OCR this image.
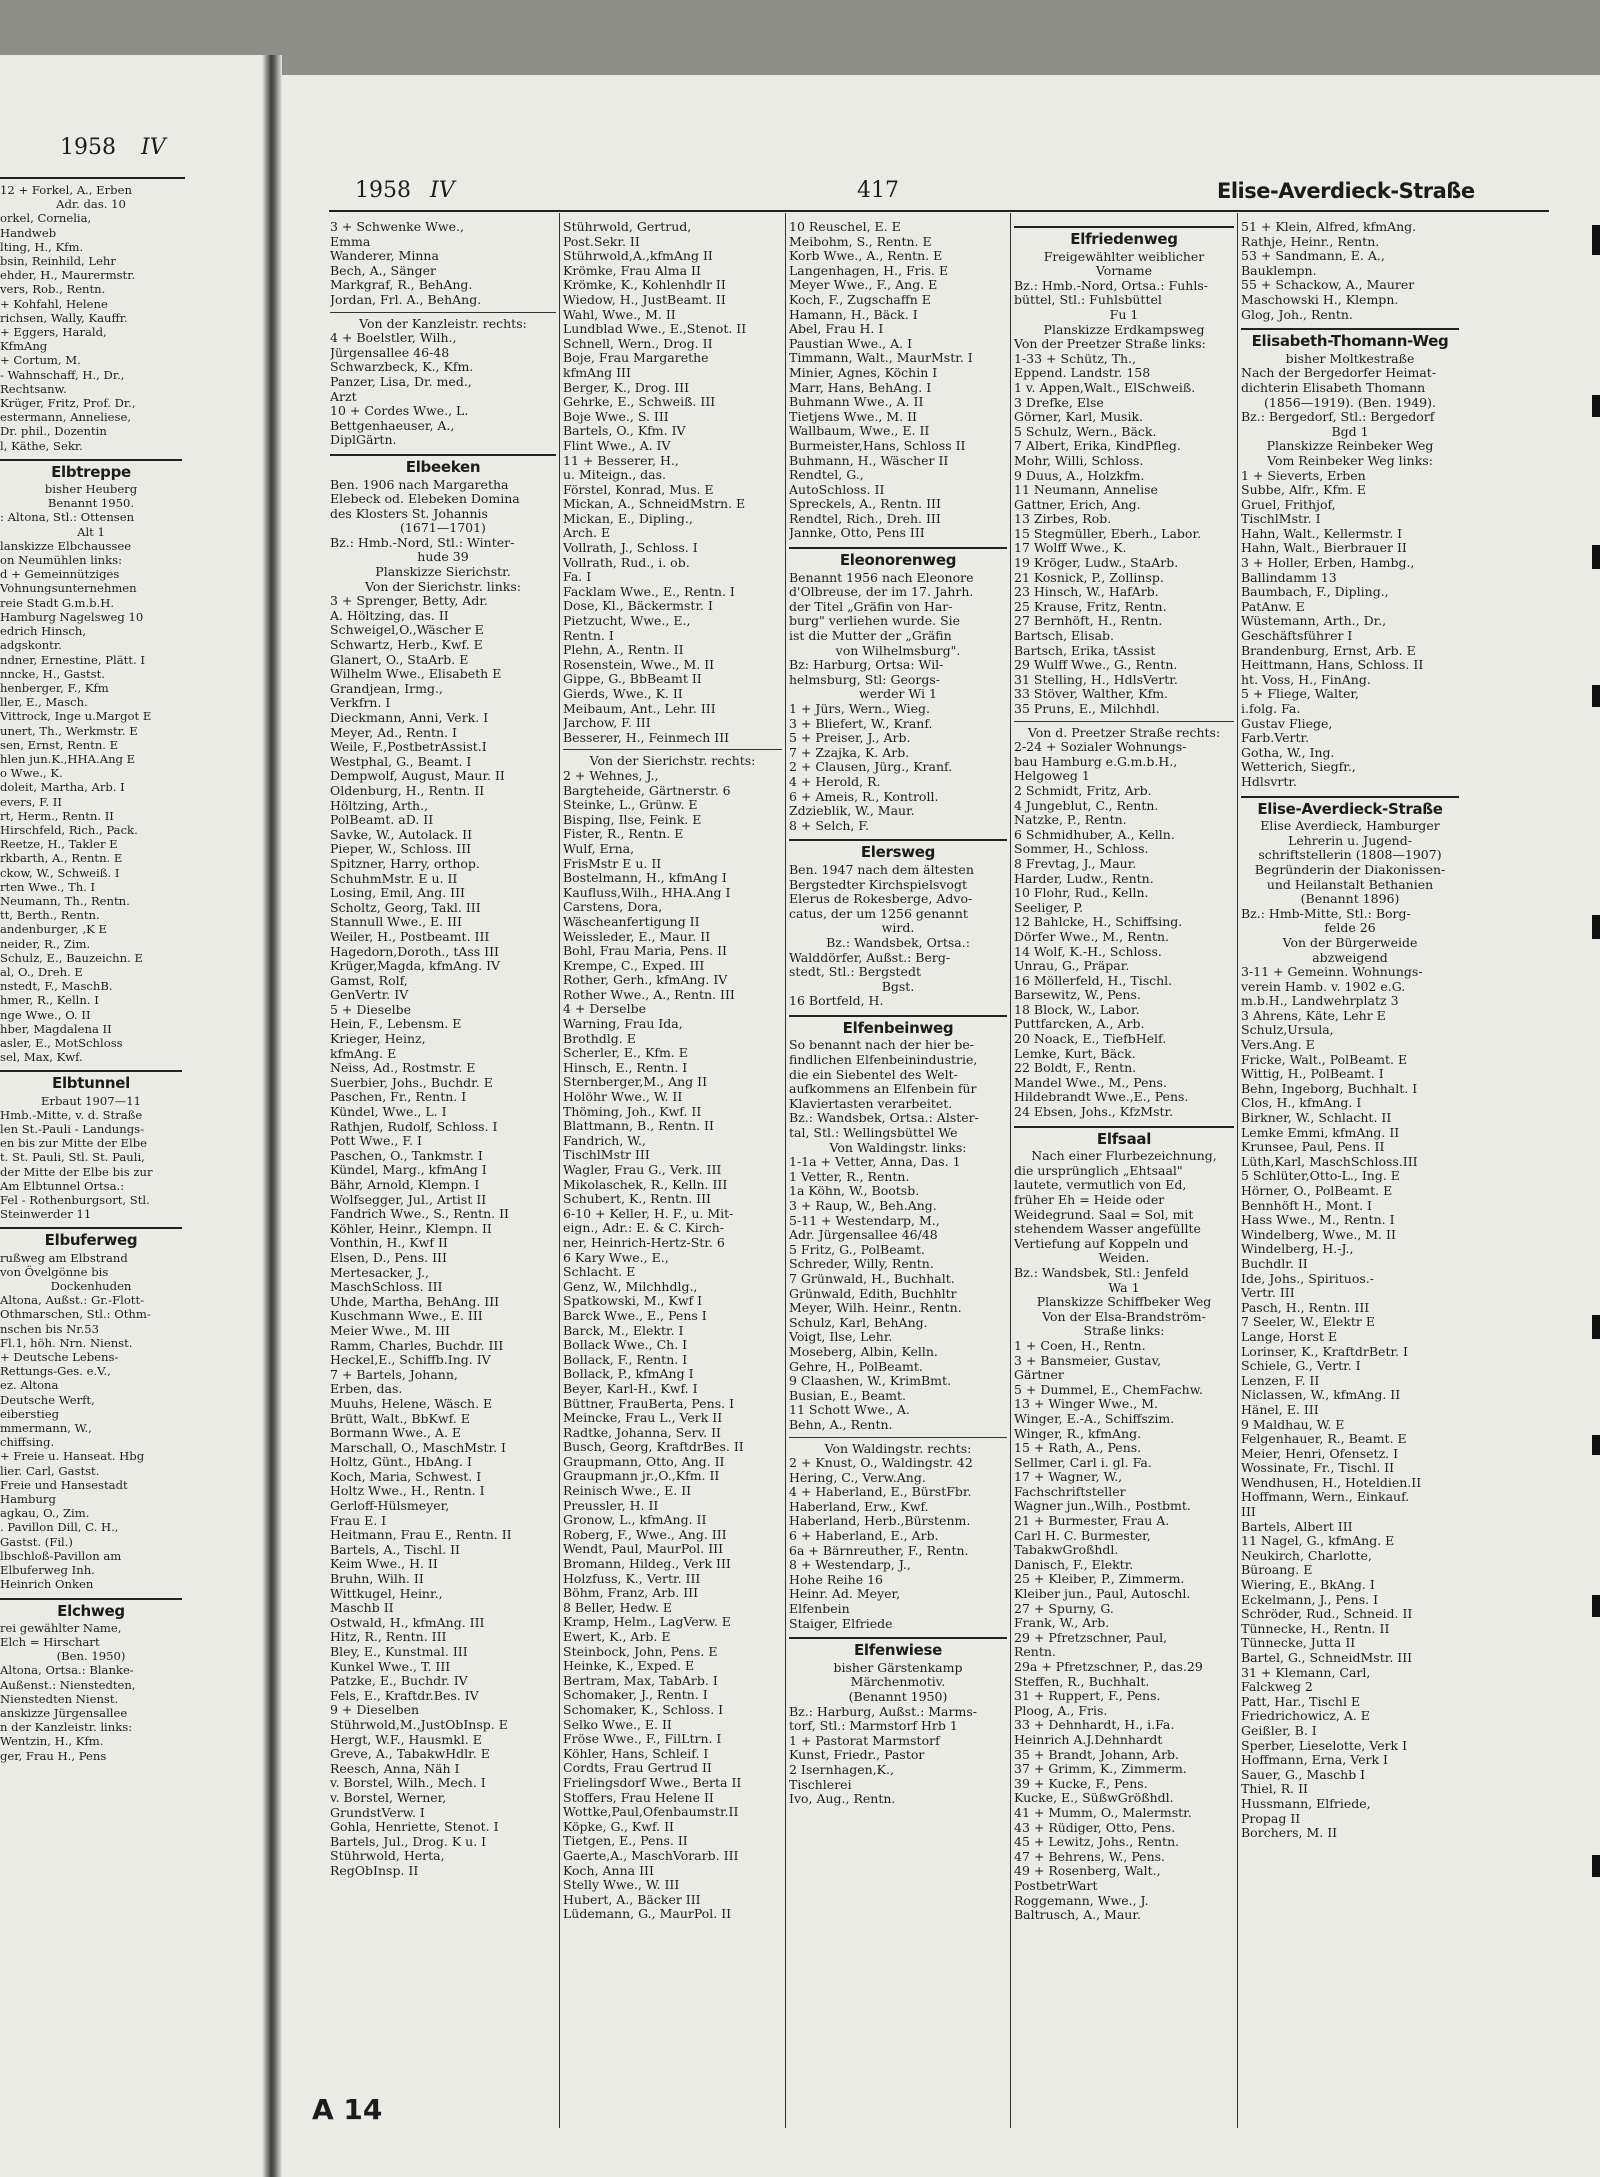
1958 IV
12 + Forkel, A., Erben
Adr. das. 10
orkel, Cornelia,
Handweb
lting, H., Kfm.
bsin, Reinhild, Lehr
ehder, H., Maurermstr.
vers, Rob., Rentn.
+ Kohfahl, Helene
richsen, Wally, Kauffr.
+ Eggers, Harald,
KfmAng
+ Cortum, M.
- Wahnschaff, H., Dr.,
Rechtsanw.
Krüger, Fritz, Prof. Dr.,
estermann, Anneliese,
Dr. phil., Dozentin
l, Käthe, Sekr.
Elbtreppe
bisher Heuberg
Benannt 1950.
: Altona, Stl.: Ottensen
Alt 1
lanskizze Elbchaussee
on Neumühlen links:
d + Gemeinnütziges
Vohnungsunternehmen
reie Stadt G.m.b.H.
Hamburg Nagelsweg 10
edrich Hinsch,
adgskontr.
ndner, Ernestine, Plätt. I
nncke, H., Gastst.
henberger, F., Kfm
ller, E., Masch.
Vittrock, Inge u.Margot E
unert, Th., Werkmstr. E
sen, Ernst, Rentn. E
hlen jun.K.,HHA.Ang E
o Wwe., K.
doleit, Martha, Arb. I
evers, F. II
rt, Herm., Rentn. II
Hirschfeld, Rich., Pack.
Reetze, H., Takler E
rkbarth, A., Rentn. E
ckow, W., Schweiß. I
rten Wwe., Th. I
Neumann, Th., Rentn.
tt, Berth., Rentn.
andenburger, ,K E
neider, R., Zim.
Schulz, E., Bauzeichn. E
al, O., Dreh. E
nstedt, F., MaschB.
hmer, R., Kelln. I
nge Wwe., O. II
hber, Magdalena II
asler, E., MotSchloss
sel, Max, Kwf.
Elbtunnel
Erbaut 1907—11
Hmb.-Mitte, v. d. Straße
len St.-Pauli - Landungs-
en bis zur Mitte der Elbe
t. St. Pauli, Stl. St. Pauli,
der Mitte der Elbe bis zur
Am Elbtunnel Ortsa.:
Fel - Rothenburgsort, Stl.
Steinwerder 11
Elbuferweg
rußweg am Elbstrand
von Övelgönne bis
Dockenhuden
Altona, Außst.: Gr.-Flott-
Othmarschen, Stl.: Othm-
nschen bis Nr.53
Fl.1, höh. Nrn. Nienst.
+ Deutsche Lebens-
Rettungs-Ges. e.V.,
ez. Altona
Deutsche Werft,
eiberstieg
mmermann, W.,
chiffsing.
+ Freie u. Hanseat. Hbg
lier. Carl, Gastst.
Freie und Hansestadt
Hamburg
agkau, O., Zim.
. Pavillon Dill, C. H.,
Gastst. (Fil.)
lbschloß-Pavillon am
Elbuferweg Inh.
Heinrich Onken
Elchweg
rei gewählter Name,
Elch = Hirschart
(Ben. 1950)
Altona, Ortsa.: Blanke-
Außenst.: Nienstedten,
Nienstedten Nienst.
anskizze Jürgensallee
n der Kanzleistr. links:
Wentzin, H., Kfm.
ger, Frau H., Pens
1958 IV	417	Elise-Averdieck-Straße
3 + Schwenke Wwe.,
Emma
Wanderer, Minna
Bech, A., Sänger
Markgraf, R., BehAng.
Jordan, Frl. A., BehAng.
Von der Kanzleistr. rechts:
4 + Boelstler, Wilh.,
Jürgensallee 46-48
Schwarzbeck, K., Kfm.
Panzer, Lisa, Dr. med.,
Arzt
10 + Cordes Wwe., L.
Bettgenhaeuser, A.,
DiplGärtn.
Elbeeken
Ben. 1906 nach Margaretha
Elebeck od. Elebeken Domina
des Klosters St. Johannis
(1671—1701)
Bz.: Hmb.-Nord, Stl.: Winter-
hude 39
Planskizze Sierichstr.
Von der Sierichstr. links:
3 + Sprenger, Betty, Adr.
A. Höltzing, das. II
Schweigel,O.,Wäscher E
Schwartz, Herb., Kwf. E
Glanert, O., StaArb. E
Wilhelm Wwe., Elisabeth E
Grandjean, Irmg.,
Verkfrn. I
Dieckmann, Anni, Verk. I
Meyer, Ad., Rentn. I
Weile, F.,PostbetrAssist.I
Westphal, G., Beamt. I
Dempwolf, August, Maur. II
Oldenburg, H., Rentn. II
Höltzing, Arth.,
PolBeamt. aD. II
Savke, W., Autolack. II
Pieper, W., Schloss. III
Spitzner, Harry, orthop.
SchuhmMstr. E u. II
Losing, Emil, Ang. III
Scholtz, Georg, Takl. III
Stannull Wwe., E. III
Weiler, H., Postbeamt. III
Hagedorn,Doroth., tAss III
Krüger,Magda, kfmAng. IV
Gamst, Rolf,
GenVertr. IV
5 + Dieselbe
Hein, F., Lebensm. E
Krieger, Heinz,
kfmAng. E
Neiss, Ad., Rostmstr. E
Suerbier, Johs., Buchdr. E
Paschen, Fr., Rentn. I
Kündel, Wwe., L. I
Rathjen, Rudolf, Schloss. I
Pott Wwe., F. I
Paschen, O., Tankmstr. I
Kündel, Marg., kfmAng I
Bähr, Arnold, Klempn. I
Wolfsegger, Jul., Artist II
Fandrich Wwe., S., Rentn. II
Köhler, Heinr., Klempn. II
Vonthin, H., Kwf II
Elsen, D., Pens. III
Mertesacker, J.,
MaschSchloss. III
Uhde, Martha, BehAng. III
Kuschmann Wwe., E. III
Meier Wwe., M. III
Ramm, Charles, Buchdr. III
Heckel,E., Schiffb.Ing. IV
7 + Bartels, Johann,
Erben, das.
Muuhs, Helene, Wäsch. E
Brütt, Walt., BbKwf. E
Bormann Wwe., A. E
Marschall, O., MaschMstr. I
Holtz, Günt., HbAng. I
Koch, Maria, Schwest. I
Holtz Wwe., H., Rentn. I
Gerloff-Hülsmeyer,
Frau E. I
Heitmann, Frau E., Rentn. II
Bartels, A., Tischl. II
Keim Wwe., H. II
Bruhn, Wilh. II
Wittkugel, Heinr.,
Maschb II
Ostwald, H., kfmAng. III
Hitz, R., Rentn. III
Bley, E., Kunstmal. III
Kunkel Wwe., T. III
Patzke, E., Buchdr. IV
Fels, E., Kraftdr.Bes. IV
9 + Dieselben
Stührwold,M.,JustObInsp. E
Hergt, W.F., Hausmkl. E
Greve, A., TabakwHdlr. E
Reesch, Anna, Näh I
v. Borstel, Wilh., Mech. I
v. Borstel, Werner,
GrundstVerw. I
Gohla, Henriette, Stenot. I
Bartels, Jul., Drog. K u. I
Stührwold, Herta,
RegObInsp. II
Stührwold, Gertrud,
Post.Sekr. II
Stührwold,A.,kfmAng II
Krömke, Frau Alma II
Krömke, K., Kohlenhdlr II
Wiedow, H., JustBeamt. II
Wahl, Wwe., M. II
Lundblad Wwe., E.,Stenot. II
Schnell, Wern., Drog. II
Boje, Frau Margarethe
kfmAng III
Berger, K., Drog. III
Gehrke, E., Schweiß. III
Boje Wwe., S. III
Bartels, O., Kfm. IV
Flint Wwe., A. IV
11 + Besserer, H.,
u. Miteign., das.
Förstel, Konrad, Mus. E
Mickan, A., SchneidMstrn. E
Mickan, E., Dipling.,
Arch. E
Vollrath, J., Schloss. I
Vollrath, Rud., i. ob.
Fa. I
Facklam Wwe., E., Rentn. I
Dose, Kl., Bäckermstr. I
Pietzucht, Wwe., E.,
Rentn. I
Plehn, A., Rentn. II
Rosenstein, Wwe., M. II
Gippe, G., BbBeamt II
Gierds, Wwe., K. II
Meibaum, Ant., Lehr. III
Jarchow, F. III
Besserer, H., Feinmech III
Von der Sierichstr. rechts:
2 + Wehnes, J.,
Bargteheide, Gärtnerstr. 6
Steinke, L., Grünw. E
Bisping, Ilse, Feink. E
Fister, R., Rentn. E
Wulf, Erna,
FrisMstr E u. II
Bostelmann, H., kfmAng I
Kaufluss,Wilh., HHA.Ang I
Carstens, Dora,
Wäscheanfertigung II
Weissleder, E., Maur. II
Bohl, Frau Maria, Pens. II
Krempe, C., Exped. III
Rother, Gerh., kfmAng. IV
Rother Wwe., A., Rentn. III
4 + Derselbe
Warning, Frau Ida,
Brothdlg. E
Scherler, E., Kfm. E
Hinsch, E., Rentn. I
Sternberger,M., Ang II
Holöhr Wwe., W. II
Thöming, Joh., Kwf. II
Blattmann, B., Rentn. II
Fandrich, W.,
TischlMstr III
Wagler, Frau G., Verk. III
Mikolaschek, R., Kelln. III
Schubert, K., Rentn. III
6-10 + Keller, H. F., u. Mit-
eign., Adr.: E. & C. Kirch-
ner, Heinrich-Hertz-Str. 6
6 Kary Wwe., E.,
Schlacht. E
Genz, W., Milchhdlg.,
Spatkowski, M., Kwf I
Barck Wwe., E., Pens I
Barck, M., Elektr. I
Bollack Wwe., Ch. I
Bollack, F., Rentn. I
Bollack, P., kfmAng I
Beyer, Karl-H., Kwf. I
Büttner, FrauBerta, Pens. I
Meincke, Frau L., Verk II
Radtke, Johanna, Serv. II
Busch, Georg, KraftdrBes. II
Graupmann, Otto, Ang. II
Graupmann jr.,O.,Kfm. II
Reinisch Wwe., E. II
Preussler, H. II
Gronow, L., kfmAng. II
Roberg, F., Wwe., Ang. III
Wendt, Paul, MaurPol. III
Bromann, Hildeg., Verk III
Holzfuss, K., Vertr. III
Böhm, Franz, Arb. III
8 Beller, Hedw. E
Kramp, Helm., LagVerw. E
Ewert, K., Arb. E
Steinbock, John, Pens. E
Heinke, K., Exped. E
Bertram, Max, TabArb. I
Schomaker, J., Rentn. I
Schomaker, K., Schloss. I
Selko Wwe., E. II
Fröse Wwe., F., FilLtrn. I
Köhler, Hans, Schleif. I
Cordts, Frau Gertrud II
Frielingsdorf Wwe., Berta II
Stoffers, Frau Helene II
Wottke,Paul,Ofenbaumstr.II
Köpke, G., Kwf. II
Tietgen, E., Pens. II
Gaerte,A., MaschVorarb. III
Koch, Anna III
Stelly Wwe., W. III
Hubert, A., Bäcker III
Lüdemann, G., MaurPol. II
10 Reuschel, E. E
Meibohm, S., Rentn. E
Korb Wwe., A., Rentn. E
Langenhagen, H., Fris. E
Meyer Wwe., F., Ang. E
Koch, F., Zugschaffn E
Hamann, H., Bäck. I
Abel, Frau H. I
Paustian Wwe., A. I
Timmann, Walt., MaurMstr. I
Minier, Agnes, Köchin I
Marr, Hans, BehAng. I
Buhmann Wwe., A. II
Tietjens Wwe., M. II
Wallbaum, Wwe., E. II
Burmeister,Hans, Schloss II
Buhmann, H., Wäscher II
Rendtel, G.,
AutoSchloss. II
Spreckels, A., Rentn. III
Rendtel, Rich., Dreh. III
Jannke, Otto, Pens III
Eleonorenweg
Benannt 1956 nach Eleonore
d'Olbreuse, der im 17. Jahrh.
der Titel „Gräfin von Har-
burg" verliehen wurde. Sie
ist die Mutter der „Gräfin
von Wilhelmsburg".
Bz: Harburg, Ortsa: Wil-
helmsburg, Stl: Georgs-
werder Wi 1
1 + Jürs, Wern., Wieg.
3 + Bliefert, W., Kranf.
5 + Preiser, J., Arb.
7 + Zzajka, K. Arb.
2 + Clausen, Jürg., Kranf.
4 + Herold, R.
6 + Ameis, R., Kontroll.
Zdzieblik, W., Maur.
8 + Selch, F.
Elersweg
Ben. 1947 nach dem ältesten
Bergstedter Kirchspielsvogt
Elerus de Rokesberge, Advo-
catus, der um 1256 genannt
wird.
Bz.: Wandsbek, Ortsa.:
Walddörfer, Außst.: Berg-
stedt, Stl.: Bergstedt
Bgst.
16 Bortfeld, H.
Elfenbeinweg
So benannt nach der hier be-
findlichen Elfenbeinindustrie,
die ein Siebentel des Welt-
aufkommens an Elfenbein für
Klaviertasten verarbeitet.
Bz.: Wandsbek, Ortsa.: Alster-
tal, Stl.: Wellingsbüttel We
Von Waldingstr. links:
1-1a + Vetter, Anna, Das. 1
1 Vetter, R., Rentn.
1a Köhn, W., Bootsb.
3 + Raup, W., Beh.Ang.
5-11 + Westendarp, M.,
Adr. Jürgensallee 46/48
5 Fritz, G., PolBeamt.
Schreder, Willy, Rentn.
7 Grünwald, H., Buchhalt.
Grünwald, Edith, Buchhltr
Meyer, Wilh. Heinr., Rentn.
Schulz, Karl, BehAng.
Voigt, Ilse, Lehr.
Moseberg, Albin, Kelln.
Gehre, H., PolBeamt.
9 Claashen, W., KrimBmt.
Busian, E., Beamt.
11 Schott Wwe., A.
Behn, A., Rentn.
Von Waldingstr. rechts:
2 + Knust, O., Waldingstr. 42
Hering, C., Verw.Ang.
4 + Haberland, E., BürstFbr.
Haberland, Erw., Kwf.
Haberland, Herb.,Bürstenm.
6 + Haberland, E., Arb.
6a + Bärnreuther, F., Rentn.
8 + Westendarp, J.,
Hohe Reihe 16
Heinr. Ad. Meyer,
Elfenbein
Staiger, Elfriede
Elfenwiese
bisher Gärstenkamp
Märchenmotiv.
(Benannt 1950)
Bz.: Harburg, Außst.: Marms-
torf, Stl.: Marmstorf Hrb 1
1 + Pastorat Marmstorf
Kunst, Friedr., Pastor
2 Isernhagen,K.,
Tischlerei
Ivo, Aug., Rentn.
Elfriedenweg
Freigewählter weiblicher
Vorname
Bz.: Hmb.-Nord, Ortsa.: Fuhls-
büttel, Stl.: Fuhlsbüttel
Fu 1
Planskizze Erdkampsweg
Von der Preetzer Straße links:
1-33 + Schütz, Th.,
Eppend. Landstr. 158
1 v. Appen,Walt., ElSchweiß.
3 Drefke, Else
Görner, Karl, Musik.
5 Schulz, Wern., Bäck.
7 Albert, Erika, KindPfleg.
Mohr, Willi, Schloss.
9 Duus, A., Holzkfm.
11 Neumann, Annelise
Gattner, Erich, Ang.
13 Zirbes, Rob.
15 Stegmüller, Eberh., Labor.
17 Wolff Wwe., K.
19 Kröger, Ludw., StaArb.
21 Kosnick, P., Zollinsp.
23 Hinsch, W., HafArb.
25 Krause, Fritz, Rentn.
27 Bernhöft, H., Rentn.
Bartsch, Elisab.
Bartsch, Erika, tAssist
29 Wulff Wwe., G., Rentn.
31 Stelling, H., HdlsVertr.
33 Stöver, Walther, Kfm.
35 Pruns, E., Milchhdl.
Von d. Preetzer Straße rechts:
2-24 + Sozialer Wohnungs-
bau Hamburg e.G.m.b.H.,
Helgoweg 1
2 Schmidt, Fritz, Arb.
4 Jungeblut, C., Rentn.
Natzke, P., Rentn.
6 Schmidhuber, A., Kelln.
Sommer, H., Schloss.
8 Frevtag, J., Maur.
Harder, Ludw., Rentn.
10 Flohr, Rud., Kelln.
Seeliger, P.
12 Bahlcke, H., Schiffsing.
Dörfer Wwe., M., Rentn.
14 Wolf, K.-H., Schloss.
Unrau, G., Präpar.
16 Möllerfeld, H., Tischl.
Barsewitz, W., Pens.
18 Block, W., Labor.
Puttfarcken, A., Arb.
20 Noack, E., TiefbHelf.
Lemke, Kurt, Bäck.
22 Boldt, F., Rentn.
Mandel Wwe., M., Pens.
Hildebrandt Wwe.,E., Pens.
24 Ebsen, Johs., KfzMstr.
Elfsaal
Nach einer Flurbezeichnung,
die ursprünglich „Ehtsaal"
lautete, vermutlich von Ed,
früher Eh = Heide oder
Weidegrund. Saal = Sol, mit
stehendem Wasser angefüllte
Vertiefung auf Koppeln und
Weiden.
Bz.: Wandsbek, Stl.: Jenfeld
Wa 1
Planskizze Schiffbeker Weg
Von der Elsa-Brandström-
Straße links:
1 + Coen, H., Rentn.
3 + Bansmeier, Gustav,
Gärtner
5 + Dummel, E., ChemFachw.
13 + Winger Wwe., M.
Winger, E.-A., Schiffszim.
Winger, R., kfmAng.
15 + Rath, A., Pens.
Sellmer, Carl i. gl. Fa.
17 + Wagner, W.,
Fachschriftsteller
Wagner jun.,Wilh., Postbmt.
21 + Burmester, Frau A.
Carl H. C. Burmester,
TabakwGroßhdl.
Danisch, F., Elektr.
25 + Kleiber, P., Zimmerm.
Kleiber jun., Paul, Autoschl.
27 + Spurny, G.
Frank, W., Arb.
29 + Pfretzschner, Paul,
Rentn.
29a + Pfretzschner, P., das.29
Steffen, R., Buchhalt.
31 + Ruppert, F., Pens.
Ploog, A., Fris.
33 + Dehnhardt, H., i.Fa.
Heinrich A.J.Dehnhardt
35 + Brandt, Johann, Arb.
37 + Grimm, K., Zimmerm.
39 + Kucke, F., Pens.
Kucke, E., SüßwGrößhdl.
41 + Mumm, O., Malermstr.
43 + Rüdiger, Otto, Pens.
45 + Lewitz, Johs., Rentn.
47 + Behrens, W., Pens.
49 + Rosenberg, Walt.,
PostbetrWart
Roggemann, Wwe., J.
Baltrusch, A., Maur.
51 + Klein, Alfred, kfmAng.
Rathje, Heinr., Rentn.
53 + Sandmann, E. A.,
Bauklempn.
55 + Schackow, A., Maurer
Maschowski H., Klempn.
Glog, Joh., Rentn.
Elisabeth-Thomann-Weg
bisher Moltkestraße
Nach der Bergedorfer Heimat-
dichterin Elisabeth Thomann
(1856—1919). (Ben. 1949).
Bz.: Bergedorf, Stl.: Bergedorf
Bgd 1
Planskizze Reinbeker Weg
Vom Reinbeker Weg links:
1 + Sieverts, Erben
Subbe, Alfr., Kfm. E
Gruel, Frithjof,
TischlMstr. I
Hahn, Walt., Kellermstr. I
Hahn, Walt., Bierbrauer II
3 + Holler, Erben, Hambg.,
Ballindamm 13
Baumbach, F., Dipling.,
PatAnw. E
Wüstemann, Arth., Dr.,
Geschäftsführer I
Brandenburg, Ernst, Arb. E
Heittmann, Hans, Schloss. II
ht. Voss, H., FinAng.
5 + Fliege, Walter,
i.folg. Fa.
Gustav Fliege,
Farb.Vertr.
Gotha, W., Ing.
Wetterich, Siegfr.,
Hdlsvrtr.
Elise-Averdieck-Straße
Elise Averdieck, Hamburger
Lehrerin u. Jugend-
schriftstellerin (1808—1907)
Begründerin der Diakonissen-
und Heilanstalt Bethanien
(Benannt 1896)
Bz.: Hmb-Mitte, Stl.: Borg-
felde 26
Von der Bürgerweide
abzweigend
3-11 + Gemeinn. Wohnungs-
verein Hamb. v. 1902 e.G.
m.b.H., Landwehrplatz 3
3 Ahrens, Käte, Lehr E
Schulz,Ursula,
Vers.Ang. E
Fricke, Walt., PolBeamt. E
Wittig, H., PolBeamt. I
Behn, Ingeborg, Buchhalt. I
Clos, H., kfmAng. I
Birkner, W., Schlacht. II
Lemke Emmi, kfmAng. II
Krunsee, Paul, Pens. II
Lüth,Karl, MaschSchloss.III
5 Schlüter,Otto-L., Ing. E
Hörner, O., PolBeamt. E
Bennhöft H., Mont. I
Hass Wwe., M., Rentn. I
Windelberg, Wwe., M. II
Windelberg, H.-J.,
Buchdlr. II
Ide, Johs., Spirituos.-
Vertr. III
Pasch, H., Rentn. III
7 Seeler, W., Elektr E
Lange, Horst E
Lorinser, K., KraftdrBetr. I
Schiele, G., Vertr. I
Lenzen, F. II
Niclassen, W., kfmAng. II
Hänel, E. III
9 Maldhau, W. E
Felgenhauer, R., Beamt. E
Meier, Henri, Ofensetz. I
Wossinate, Fr., Tischl. II
Wendhusen, H., Hoteldien.II
Hoffmann, Wern., Einkauf.
III
Bartels, Albert III
11 Nagel, G., kfmAng. E
Neukirch, Charlotte,
Büroang. E
Wiering, E., BkAng. I
Eckelmann, J., Pens. I
Schröder, Rud., Schneid. II
Tünnecke, H., Rentn. II
Tünnecke, Jutta II
Bartel, G., SchneidMstr. III
31 + Klemann, Carl,
Falckweg 2
Patt, Har., Tischl E
Friedrichowicz, A. E
Geißler, B. I
Sperber, Lieselotte, Verk I
Hoffmann, Erna, Verk I
Sauer, G., Maschb I
Thiel, R. II
Hussmann, Elfriede,
Propag II
Borchers, M. II
A 14
